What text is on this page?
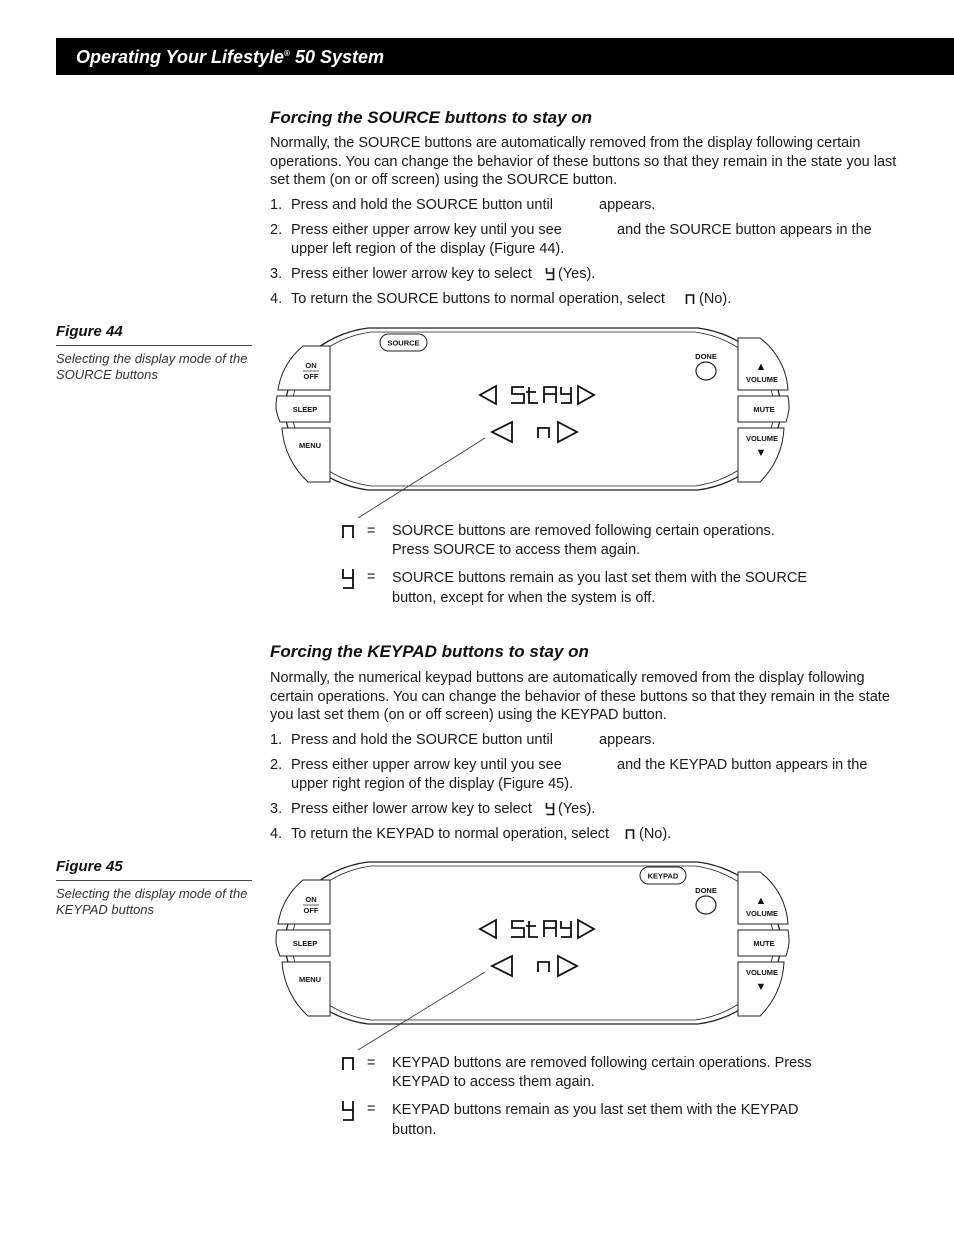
Operating Your Lifestyle® 50 System
Forcing the SOURCE buttons to stay on
Normally, the SOURCE buttons are automatically removed from the display following certain operations. You can change the behavior of these buttons so that they remain in the state you last set them (on or off screen) using the SOURCE button.
1. Press and hold the SOURCE button until	appears.
2. Press either upper arrow key until you see	and the SOURCE button appears in the
upper left region of the display (Figure 44).
3. Press either lower arrow key to select (Yes).
4. To return the SOURCE buttons to normal operation, select (No).
Figure 44
Selecting the display mode of the SOURCE buttons
SOURCE
ON
OFF
SLEEP
MENU
DONE
▲
VOLUME
MUTE
VOLUME
▼
= SOURCE buttons are removed following certain operations. Press SOURCE to access them again.
= SOURCE buttons remain as you last set them with the SOURCE button, except for when the system is off.
Forcing the KEYPAD buttons to stay on
Normally, the numerical keypad buttons are automatically removed from the display following certain operations. You can change the behavior of these buttons so that they remain in the state you last set them (on or off screen) using the KEYPAD button.
1. Press and hold the SOURCE button until	appears.
2. Press either upper arrow key until you see	and the KEYPAD button appears in the
upper right region of the display (Figure 45).
3. Press either lower arrow key to select (Yes).
4. To return the KEYPAD to normal operation, select (No).
Figure 45
Selecting the display mode of the KEYPAD buttons
KEYPAD
ON
OFF
SLEEP
MENU
DONE
▲
VOLUME
MUTE
VOLUME
▼
= KEYPAD buttons are removed following certain operations. Press KEYPAD to access them again.
= KEYPAD buttons remain as you last set them with the KEYPAD button.
